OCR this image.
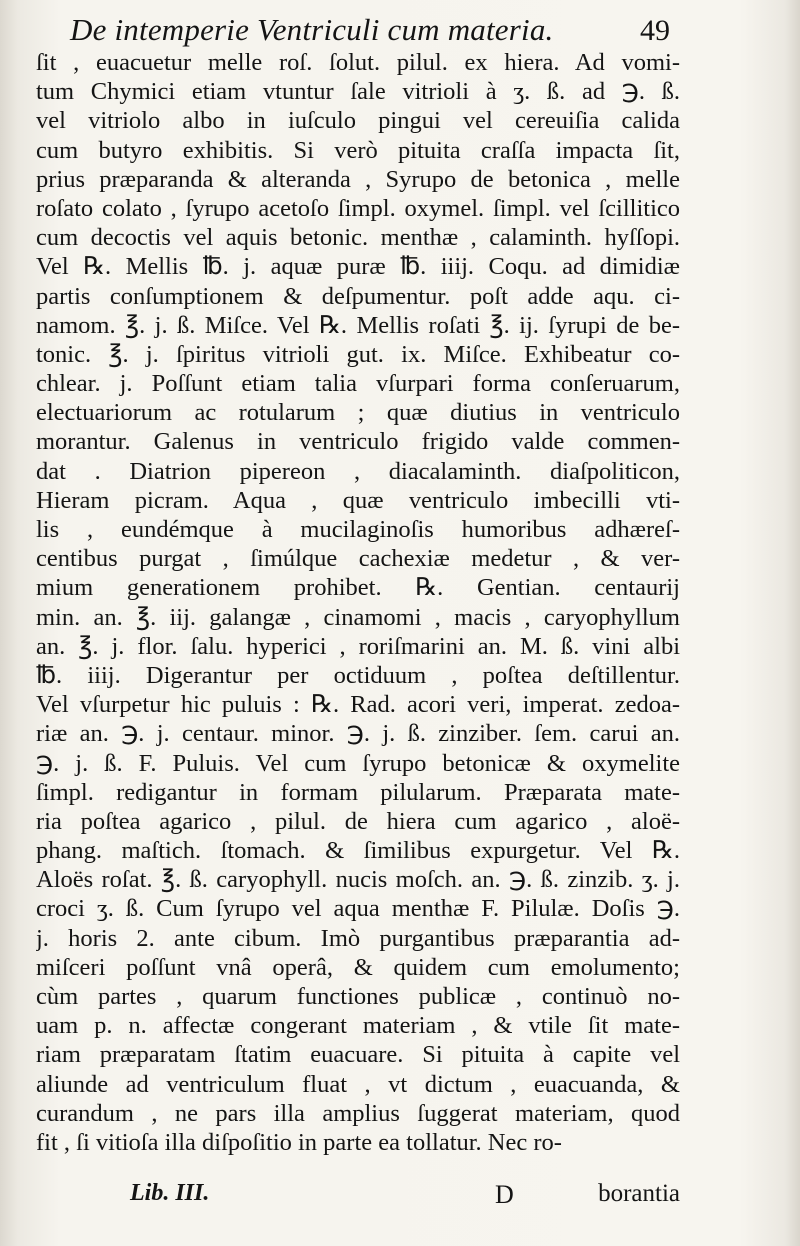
De intemperie Ventriculi cum materia.	49
ſit , euacuetur melle roſ. ſolut. pilul. ex hiera. Ad vomi-
tum Chymici etiam vtuntur ſale vitrioli à ʒ. ß. ad ℈. ß.
vel vitriolo albo in iuſculo pingui vel cereuiſia calida
cum butyro exhibitis. Si verò pituita craſſa impacta ſit,
prius præparanda & alteranda , Syrupo de betonica , melle
roſato colato , ſyrupo acetoſo ſimpl. oxymel. ſimpl. vel ſcillitico
cum decoctis vel aquis betonic. menthæ , calaminth. hyſſopi.
Vel ℞. Mellis ℔. j. aquæ puræ ℔. iiij. Coqu. ad dimidiæ
partis conſumptionem & deſpumentur. poſt adde aqu. ci-
namom. ℥. j. ß. Miſce. Vel ℞. Mellis roſati ℥. ij. ſyrupi de be-
tonic. ℥. j. ſpiritus vitrioli gut. ix. Miſce. Exhibeatur co-
chlear. j. Poſſunt etiam talia vſurpari forma conſeruarum,
electuariorum ac rotularum ; quæ diutius in ventriculo
morantur. Galenus in ventriculo frigido valde commen-
dat . Diatrion pipereon , diacalaminth. diaſpoliticon,
Hieram picram. Aqua , quæ ventriculo imbecilli vti-
lis , eundémque à mucilaginoſis humoribus adhæreſ-
centibus purgat , ſimúlque cachexiæ medetur , & ver-
mium generationem prohibet. ℞. Gentian. centaurij
min. an. ℥. iij. galangæ , cinamomi , macis , caryophyllum
an. ℥. j. flor. ſalu. hyperici , roriſmarini an. M. ß. vini albi
℔. iiij. Digerantur per octiduum , poſtea deſtillentur.
Vel vſurpetur hic puluis : ℞. Rad. acori veri, imperat. zedoa-
riæ an. ℈. j. centaur. minor. ℈. j. ß. zinziber. ſem. carui an.
℈. j. ß. F. Puluis. Vel cum ſyrupo betonicæ & oxymelite
ſimpl. redigantur in formam pilularum. Præparata mate-
ria poſtea agarico , pilul. de hiera cum agarico , aloë-
phang. maſtich. ſtomach. & ſimilibus expurgetur. Vel ℞.
Aloës roſat. ℥. ß. caryophyll. nucis moſch. an. ℈. ß. zinzib. ʒ. j.
croci ʒ. ß. Cum ſyrupo vel aqua menthæ F. Pilulæ. Doſis ℈.
j. horis 2. ante cibum. Imò purgantibus præparantia ad-
miſceri poſſunt vnâ operâ, & quidem cum emolumento;
cùm partes , quarum functiones publicæ , continuò no-
uam p. n. affectæ congerant materiam , & vtile ſit mate-
riam præparatam ſtatim euacuare. Si pituita à capite vel
aliunde ad ventriculum fluat , vt dictum , euacuanda, &
curandum , ne pars illa amplius ſuggerat materiam, quod
fit , ſi vitioſa illa diſpoſitio in parte ea tollatur. Nec ro-
Lib. III.	D	borantia
